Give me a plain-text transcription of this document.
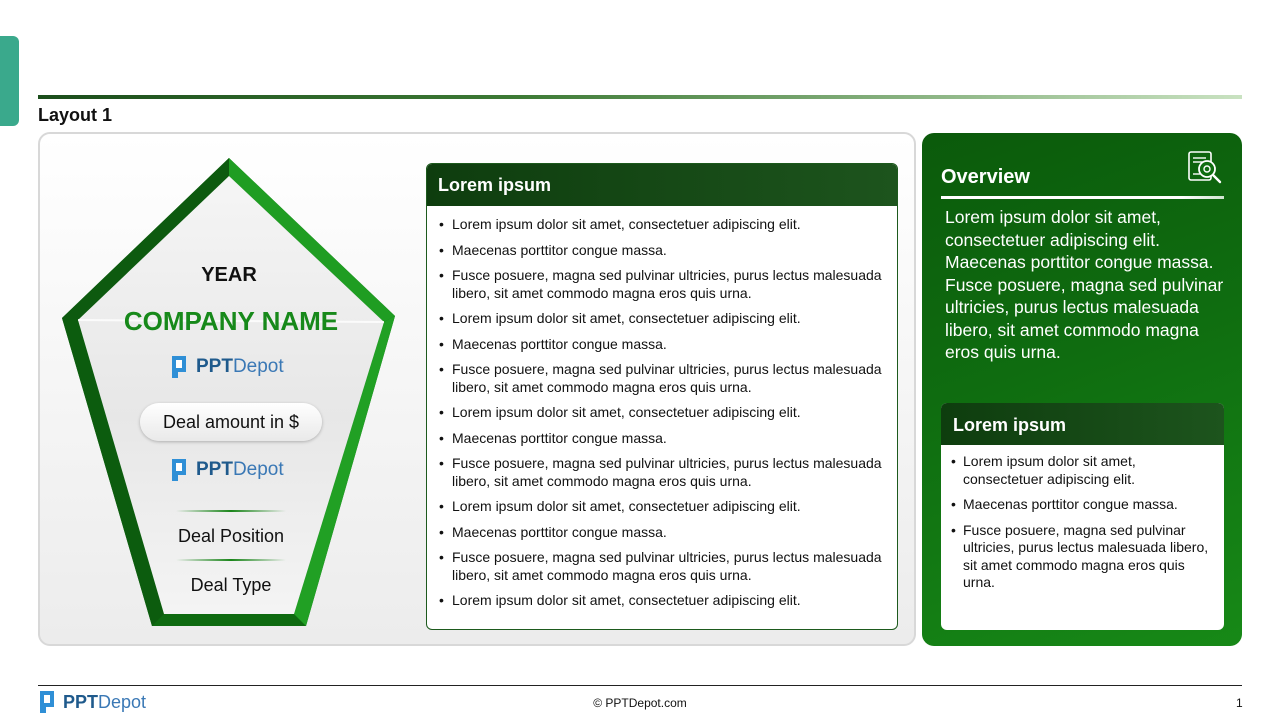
Layout 1
YEAR
COMPANY NAME
PPTDepot
Deal amount in $
PPTDepot
Deal Position
Deal Type
Lorem ipsum
• Lorem ipsum dolor sit amet, consectetuer adipiscing elit.
• Maecenas porttitor congue massa.
• Fusce posuere, magna sed pulvinar ultricies, purus lectus malesuada libero, sit amet commodo magna eros quis urna.
• Lorem ipsum dolor sit amet, consectetuer adipiscing elit.
• Maecenas porttitor congue massa.
• Fusce posuere, magna sed pulvinar ultricies, purus lectus malesuada libero, sit amet commodo magna eros quis urna.
• Lorem ipsum dolor sit amet, consectetuer adipiscing elit.
• Maecenas porttitor congue massa.
• Fusce posuere, magna sed pulvinar ultricies, purus lectus malesuada libero, sit amet commodo magna eros quis urna.
• Lorem ipsum dolor sit amet, consectetuer adipiscing elit.
• Maecenas porttitor congue massa.
• Fusce posuere, magna sed pulvinar ultricies, purus lectus malesuada libero, sit amet commodo magna eros quis urna.
• Lorem ipsum dolor sit amet, consectetuer adipiscing elit.
Overview
Lorem ipsum dolor sit amet, consectetuer adipiscing elit. Maecenas porttitor congue massa. Fusce posuere, magna sed pulvinar ultricies, purus lectus malesuada libero, sit amet commodo magna eros quis urna.
Lorem ipsum
• Lorem ipsum dolor sit amet, consectetuer adipiscing elit.
• Maecenas porttitor congue massa.
• Fusce posuere, magna sed pulvinar ultricies, purus lectus malesuada libero, sit amet commodo magna eros quis urna.
PPTDepot	© PPTDepot.com	1
